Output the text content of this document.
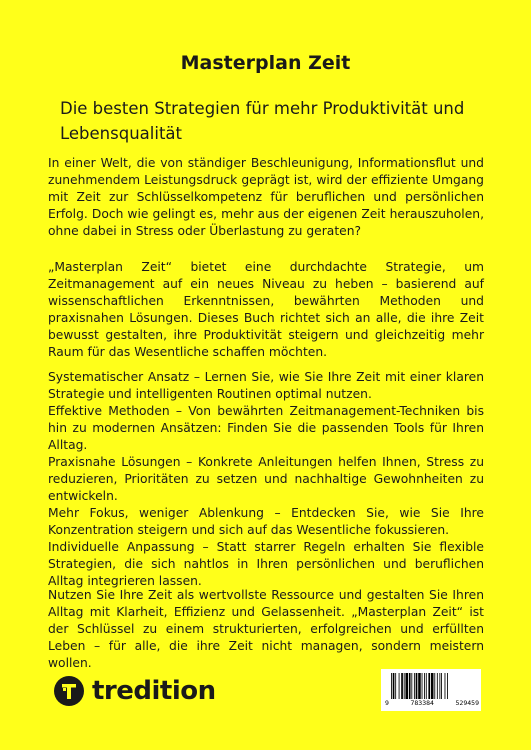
Masterplan Zeit
Die besten Strategien für mehr Produktivität und Lebensqualität
In einer Welt, die von ständiger Beschleunigung, Informationsflut und zunehmendem Leistungsdruck geprägt ist, wird der effiziente Umgang mit Zeit zur Schlüsselkompetenz für beruflichen und persönlichen Erfolg. Doch wie gelingt es, mehr aus der eigenen Zeit herauszuholen, ohne dabei in Stress oder Überlastung zu geraten?
„Masterplan Zeit“ bietet eine durchdachte Strategie, um Zeitmanagement auf ein neues Niveau zu heben – basierend auf wissenschaftlichen Erkenntnissen, bewährten Methoden und praxisnahen Lösungen. Dieses Buch richtet sich an alle, die ihre Zeit bewusst gestalten, ihre Produktivität steigern und gleichzeitig mehr Raum für das Wesentliche schaffen möchten.
Systematischer Ansatz – Lernen Sie, wie Sie Ihre Zeit mit einer klaren Strategie und intelligenten Routinen optimal nutzen.
Effektive Methoden – Von bewährten Zeitmanagement-Techniken bis hin zu modernen Ansätzen: Finden Sie die passenden Tools für Ihren Alltag.
Praxisnahe Lösungen – Konkrete Anleitungen helfen Ihnen, Stress zu reduzieren, Prioritäten zu setzen und nachhaltige Gewohnheiten zu entwickeln.
Mehr Fokus, weniger Ablenkung – Entdecken Sie, wie Sie Ihre Konzentration steigern und sich auf das Wesentliche fokussieren.
Individuelle Anpassung – Statt starrer Regeln erhalten Sie flexible Strategien, die sich nahtlos in Ihren persönlichen und beruflichen Alltag integrieren lassen.
Nutzen Sie Ihre Zeit als wertvollste Ressource und gestalten Sie Ihren Alltag mit Klarheit, Effizienz und Gelassenheit. „Masterplan Zeit“ ist der Schlüssel zu einem strukturierten, erfolgreichen und erfüllten Leben – für alle, die ihre Zeit nicht managen, sondern meistern wollen.
tredition	9	783384	529459
